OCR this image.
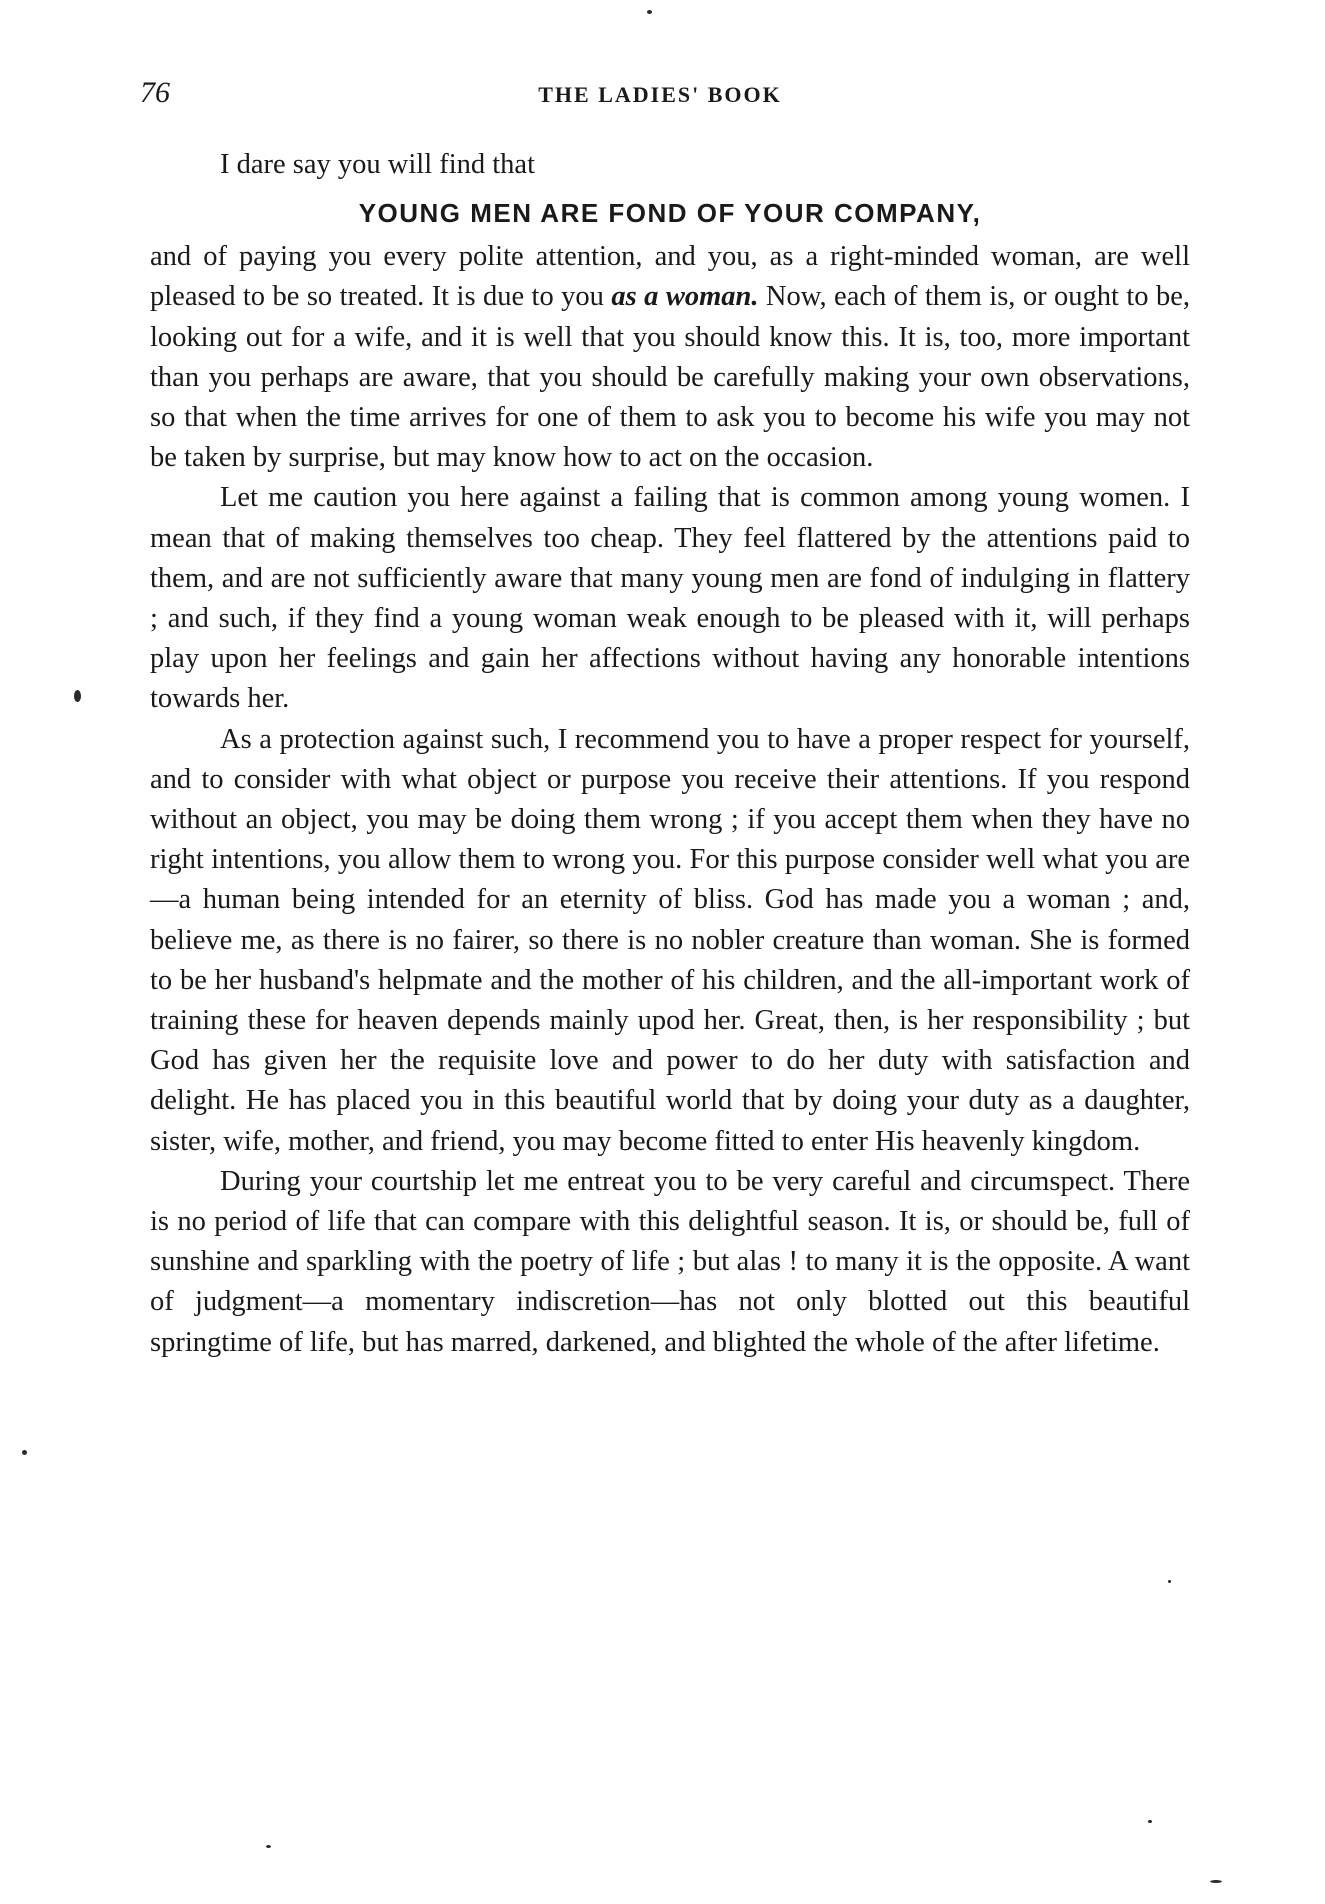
76	THE LADIES' BOOK
I dare say you will find that
YOUNG MEN ARE FOND OF YOUR COMPANY,

and of paying you every polite attention, and you, as a right-minded woman, are well pleased to be so treated. It is due to you as a woman. Now, each of them is, or ought to be, looking out for a wife, and it is well that you should know this. It is, too, more important than you perhaps are aware, that you should be carefully making your own observations, so that when the time arrives for one of them to ask you to become his wife you may not be taken by surprise, but may know how to act on the occasion.

Let me caution you here against a failing that is common among young women. I mean that of making themselves too cheap. They feel flattered by the attentions paid to them, and are not sufficiently aware that many young men are fond of indulging in flattery ; and such, if they find a young woman weak enough to be pleased with it, will perhaps play upon her feelings and gain her affections without having any honorable intentions towards her.

As a protection against such, I recommend you to have a proper respect for yourself, and to consider with what object or purpose you receive their attentions. If you respond without an object, you may be doing them wrong ; if you accept them when they have no right intentions, you allow them to wrong you. For this purpose consider well what you are—a human being intended for an eternity of bliss. God has made you a woman ; and, believe me, as there is no fairer, so there is no nobler creature than woman. She is formed to be her husband's helpmate and the mother of his children, and the all-important work of training these for heaven depends mainly upod her. Great, then, is her responsibility ; but God has given her the requisite love and power to do her duty with satisfaction and delight. He has placed you in this beautiful world that by doing your duty as a daughter, sister, wife, mother, and friend, you may become fitted to enter His heavenly kingdom.

During your courtship let me entreat you to be very careful and circumspect. There is no period of life that can compare with this delightful season. It is, or should be, full of sunshine and sparkling with the poetry of life ; but alas ! to many it is the opposite. A want of judgment—a momentary indiscretion—has not only blotted out this beautiful springtime of life, but has marred, darkened, and blighted the whole of the after lifetime.
